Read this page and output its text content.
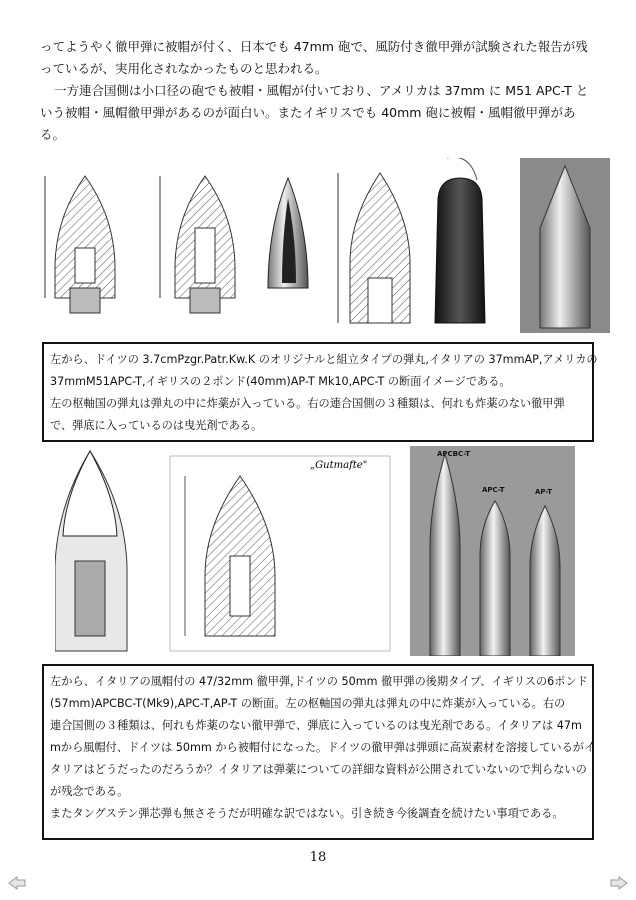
ってようやく徹甲弾に被帽が付く、日本でも 47mm 砲で、風防付き徹甲弾が試験された報告が残っているが、実用化されなかったものと思われる。

一方連合国側は小口径の砲でも被帽・風帽が付いており、アメリカは 37mm に M51 APC-T という被帽・風帽徹甲弾があるのが面白い。またイギリスでも 40mm 砲に被帽・風帽徹甲弾がある。

左から、ドイツの 3.7cmPzgr.Patr.Kw.K のオリジナルと組立タイプの弾丸,イタリアの 37mmAP,アメリカの
37mmM51APC-T,イギリスの２ポンド(40mm)AP-T Mk10,APC-T の断面イメージである。
左の枢軸国の弾丸は弾丸の中に炸薬が入っている。右の連合国側の３種類は、何れも炸薬のない徹甲弾
で、弾底に入っているのは曳光剤である。
„Gutmafte"
APCBC-T
APC-T	AP-T
左から、イタリアの風帽付の 47/32mm 徹甲弾,ドイツの 50mm 徹甲弾の後期タイプ、イギリスの6ポンド
(57mm)APCBC-T(Mk9),APC-T,AP-T の断面。左の枢軸国の弾丸は弾丸の中に炸薬が入っている。右の
連合国側の３種類は、何れも炸薬のない徹甲弾で、弾底に入っているのは曳光剤である。イタリアは 47m
mから風帽付、ドイツは 50mm から被帽付になった。ドイツの徹甲弾は弾頭に高炭素材を溶接しているがイ
タリアはどうだったのだろうか？イタリアは弾薬についての詳細な資料が公開されていないので判らないの
が残念である。
またタングステン弾芯弾も無さそうだが明確な訳ではない。引き続き今後調査を続けたい事項である。
18
